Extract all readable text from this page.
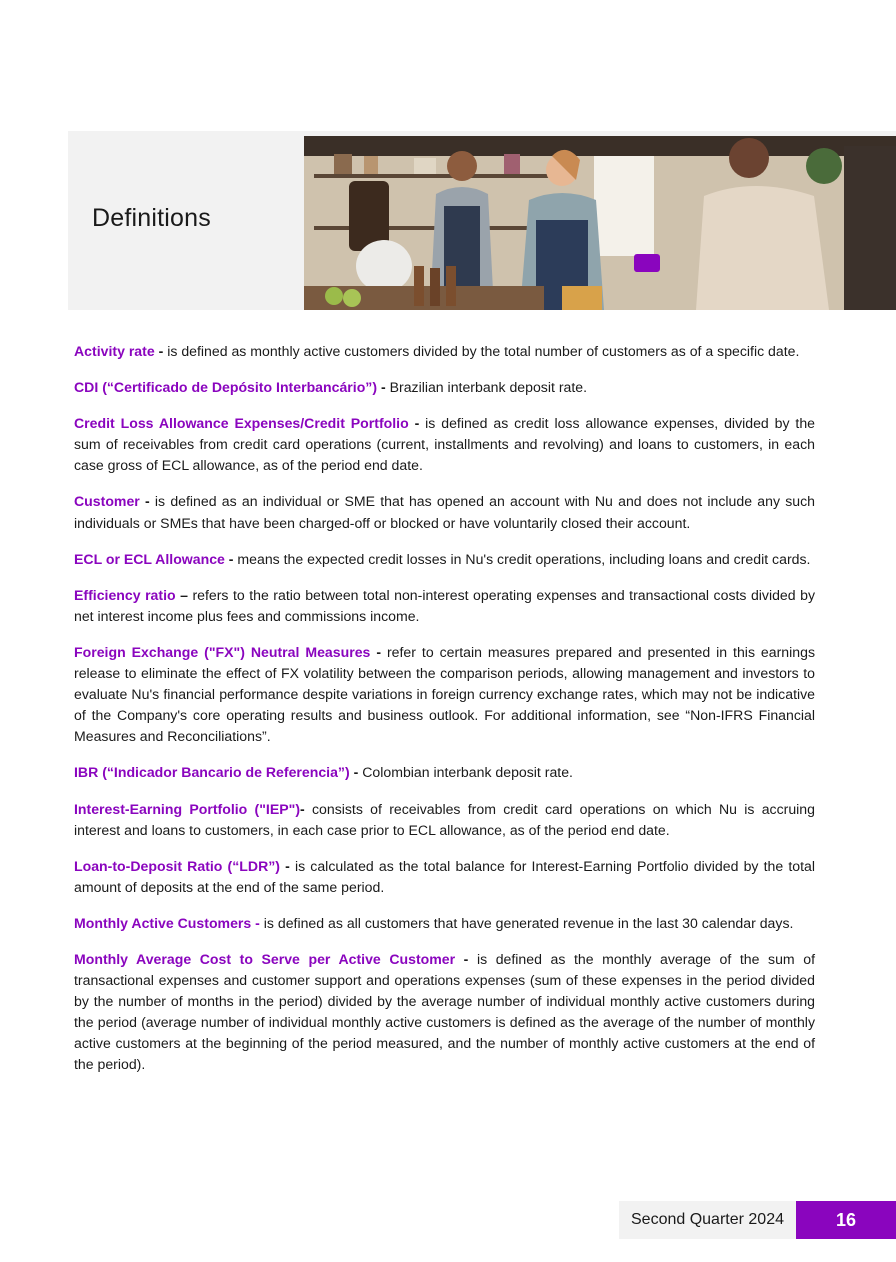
Definitions

Activity rate - is defined as monthly active customers divided by the total number of customers as of a specific date.

CDI (“Certificado de Depósito Interbancário”) - Brazilian interbank deposit rate.

Credit Loss Allowance Expenses/Credit Portfolio - is defined as credit loss allowance expenses, divided by the sum of receivables from credit card operations (current, installments and revolving) and loans to customers, in each case gross of ECL allowance, as of the period end date.

Customer - is defined as an individual or SME that has opened an account with Nu and does not include any such individuals or SMEs that have been charged-off or blocked or have voluntarily closed their account.

ECL or ECL Allowance - means the expected credit losses in Nu's credit operations, including loans and credit cards.

Efficiency ratio – refers to the ratio between total non-interest operating expenses and transactional costs divided by net interest income plus fees and commissions income.

Foreign Exchange ("FX") Neutral Measures - refer to certain measures prepared and presented in this earnings release to eliminate the effect of FX volatility between the comparison periods, allowing management and investors to evaluate Nu's financial performance despite variations in foreign currency exchange rates, which may not be indicative of the Company's core operating results and business outlook. For additional information, see “Non-IFRS Financial Measures and Reconciliations”.

IBR (“Indicador Bancario de Referencia”) - Colombian interbank deposit rate.

Interest-Earning Portfolio ("IEP")- consists of receivables from credit card operations on which Nu is accruing interest and loans to customers, in each case prior to ECL allowance, as of the period end date.

Loan-to-Deposit Ratio (“LDR”) - is calculated as the total balance for Interest-Earning Portfolio divided by the total amount of deposits at the end of the same period.

Monthly Active Customers - is defined as all customers that have generated revenue in the last 30 calendar days.

Monthly Average Cost to Serve per Active Customer - is defined as the monthly average of the sum of transactional expenses and customer support and operations expenses (sum of these expenses in the period divided by the number of months in the period) divided by the average number of individual monthly active customers during the period (average number of individual monthly active customers is defined as the average of the number of monthly active customers at the beginning of the period measured, and the number of monthly active customers at the end of the period).

Second Quarter 2024	16
